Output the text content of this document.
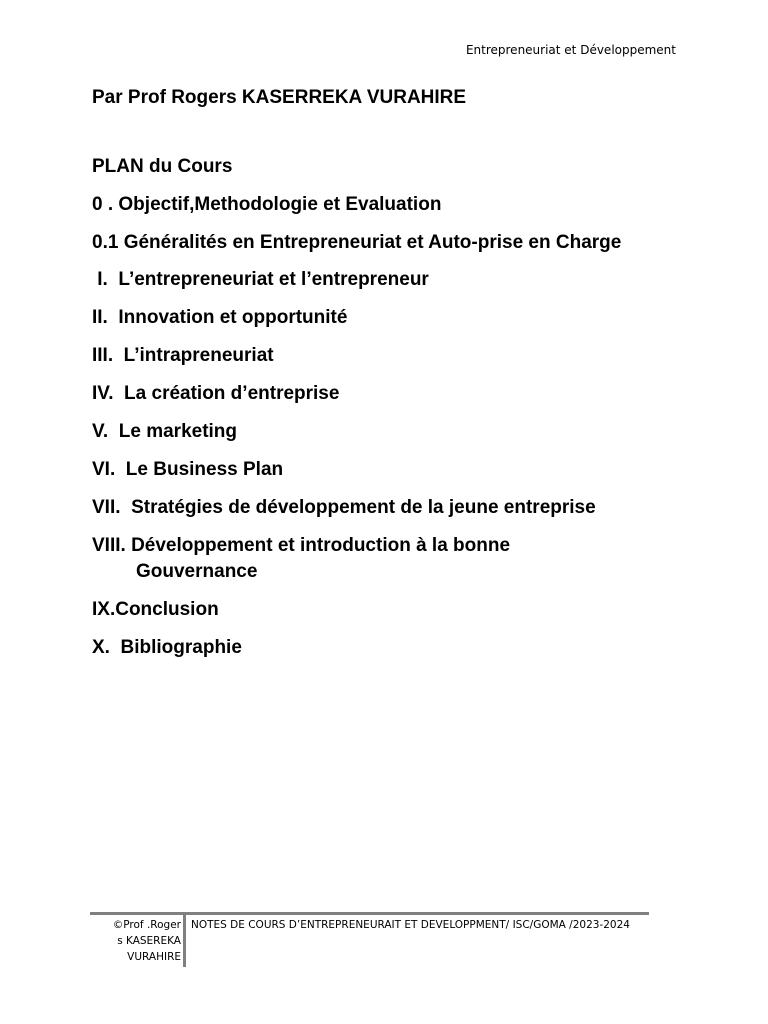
Entrepreneuriat et Développement
Par Prof Rogers KASERREKA VURAHIRE
PLAN du Cours
0 . Objectif,Methodologie et Evaluation
0.1 Généralités en Entrepreneuriat et Auto-prise en Charge
I.  L’entrepreneuriat et l’entrepreneur
II.  Innovation et opportunité
III.  L’intrapreneuriat
IV.  La création d’entreprise
V.  Le marketing
VI.  Le Business Plan
VII.  Stratégies de développement de la jeune entreprise
VIII. Développement et introduction à la bonne
Gouvernance
IX.Conclusion
X.  Bibliographie
©Prof .Roger
s KASEREKA
VURAHIRE
NOTES DE COURS D’ENTREPRENEURAIT ET DEVELOPPMENT/ ISC/GOMA /2023-2024
